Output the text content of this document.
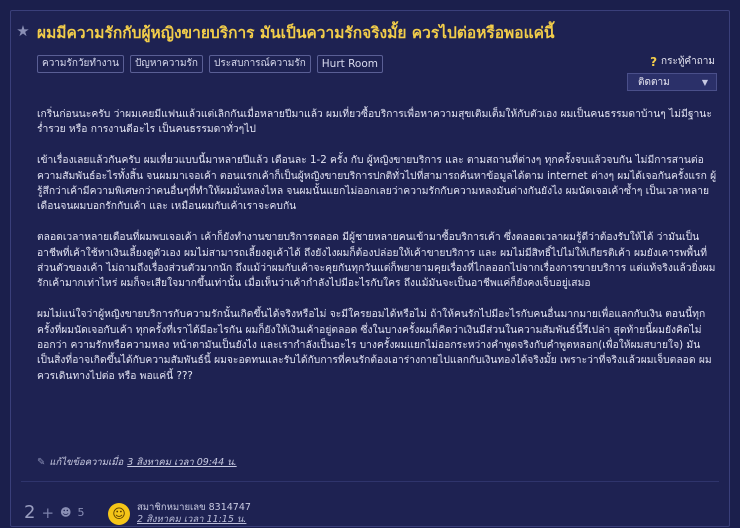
★ ผมมีความรักกับผู้หญิงขายบริการ มันเป็นความรักจริงมั้ย ควรไปต่อหรือพอแค่นี้
ความรักวัยทำงาน	ปัญหาความรัก	ประสบการณ์ความรัก	Hurt Room	? กระทู้คำถาม
ติดตาม	▼

เกริ่นก่อนนะครับ ว่าผมเคยมีแฟนแล้วแต่เลิกกันเมื่อหลายปีมาแล้ว ผมเที่ยวซื้อบริการเพื่อหาความสุขเติมเต็มให้กับตัวเอง ผมเป็นคนธรรมดาบ้านๆ ไม่มีฐานะร่ำรวย หรือ การงานดีอะไร เป็นคนธรรมดาทั่วๆไป

เข้าเรื่องเลยแล้วกันครับ ผมเที่ยวแบบนี้มาหลายปีแล้ว เดือนละ 1-2 ครั้ง กับ ผู้หญิงขายบริการ และ ตามสถานที่ต่างๆ ทุกครั้งจบแล้วจบกัน ไม่มีการสานต่อความสัมพันธ์อะไรทั้งสิ้น จนผมมาเจอเค้า ตอนแรกเค้าก็เป็นผู้หญิงขายบริการปกติทั่วไปที่สามารถค้นหาข้อมูลได้ตาม internet ต่างๆ ผมได้เจอกันครั้งแรก ผู้รู้สึกว่าเค้ามีความพิเศษกว่าคนอื่นๆที่ทำให้ผมมั่นหลงไหล จนผมนั้นแยกไม่ออกเลยว่าความรักกับความหลงมันต่างกันยังไง ผมนัดเจอเค้าซ้ำๆ เป็นเวลาหลายเดือนจนผมบอกรักกับเค้า และ เหมือนผมกับเค้าเราจะคบกัน

ตลอดเวลาหลายเดือนที่ผมพบเจอเค้า เค้าก็ยังทำงานขายบริการตลอด มีผู้ชายหลายคนเข้ามาซื้อบริการเค้า ซึ่งตลอดเวลาผมรู้ดีว่าต้องรับให้ได้ ว่ามันเป็นอาชีพที่เค้าใช้หาเงินเลี้ยงดูตัวเอง ผมไม่สามารถเลี้ยงดูเค้าได้ ถึงยังไงผมก็ต้องปล่อยให้เค้าขายบริการ และ ผมไม่มีสิทธิ์ไปไม่ให้เกียรติเค้า ผมยังเคารพพื้นที่ส่วนตัวของเค้า ไม่ถามถึงเรื่องส่วนตัวมากนัก ถึงแม้ว่าผมกับเค้าจะคุยกันทุกวันแต่ก็พยายามคุยเรื่องที่ไกลออกไปจากเรื่องการขายบริการ แต่แท้จริงแล้วยิ่งผมรักเค้ามากเท่าไหร่ ผมก็จะเสียใจมากขึ้นเท่านั้น เมื่อเห็นว่าเค้ากำลังไปมีอะไรกับใคร ถึงแม้มันจะเป็นอาชีพแค่ก็ยังคงเจ็บอยู่เสมอ

ผมไม่แน่ใจว่าผู้หญิงขายบริการกับความรักนั้นเกิดขึ้นได้จริงหรือไม่ จะมีใครยอมได้หรือไม่ ถ้าให้คนรักไปมีอะไรกับคนอื่นมากมายเพื่อแลกกับเงิน ตอนนี้ทุกครั้งที่ผมนัดเจอกับเค้า ทุกครั้งที่เราได้มีอะไรกัน ผมก็ยังให้เงินเค้าอยู่ตลอด ซึ่งในบางครั้งผมก็คิดว่าเงินมีส่วนในความสัมพันธ์นี้รึเปล่า สุดท้ายนี้ผมยังคิดไม่ออกว่า ความรักหรือความหลง หน้าตามันเป็นยังไง และเรากำลังเป็นอะไร บางครั้งผมแยกไม่ออกระหว่างคำพูดจริงกับคำพูดหลอก(เพื่อให้ผมสบายใจ) มันเป็นสิ่งที่อาจเกิดขึ้นได้กับความสัมพันธ์นี้ ผมจะอดทนและรับได้กับการที่คนรักต้องเอาร่างกายไปแลกกับเงินทองได้จริงมั้ย เพราะว่าที่จริงแล้วผมเจ็บตลอด ผมควรเดินทางไปต่อ หรือ พอแค่นี้ ???

✎ แก้ไขข้อความเมื่อ 3 สิงหาคม เวลา 09:44 น.
2 + ☻ 5	☺	สมาชิกหมายเลข 8314747
2 สิงหาคม เวลา 11:15 น.
